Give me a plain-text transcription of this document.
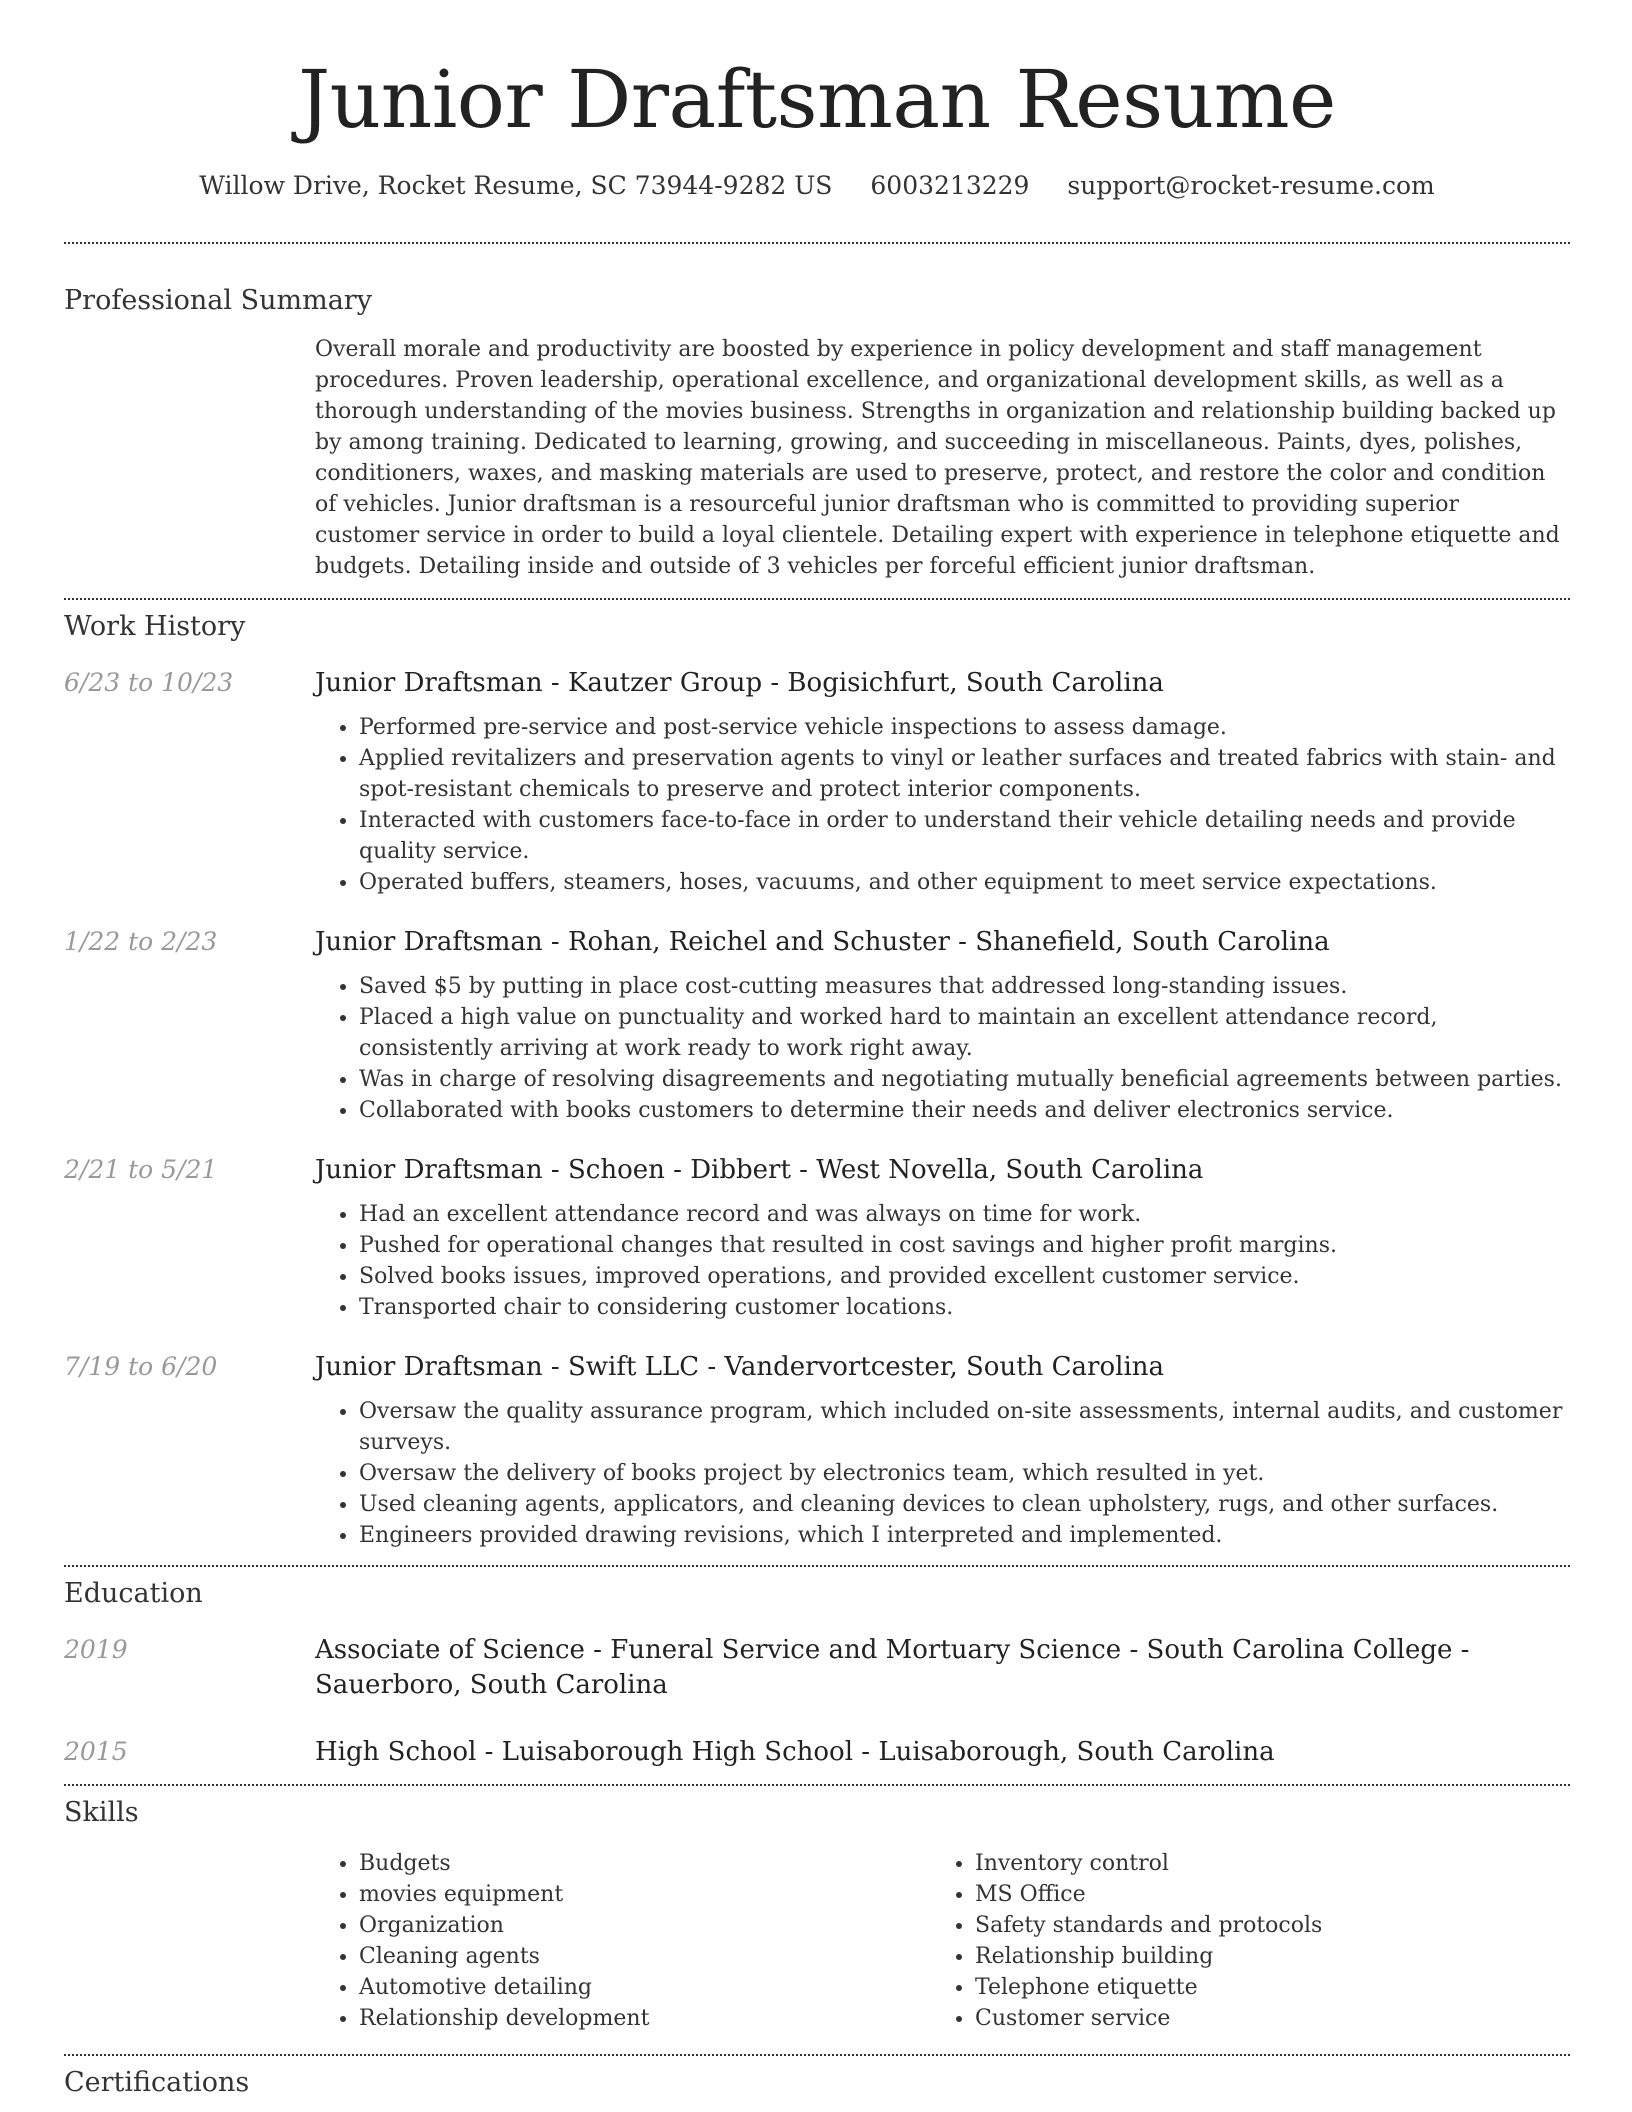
Junior Draftsman Resume
Willow Drive, Rocket Resume, SC 73944-9282 US 6003213229 support@rocket-resume.com
Professional Summary

Overall morale and productivity are boosted by experience in policy development and staff management procedures. Proven leadership, operational excellence, and organizational development skills, as well as a thorough understanding of the movies business. Strengths in organization and relationship building backed up by among training. Dedicated to learning, growing, and succeeding in miscellaneous. Paints, dyes, polishes, conditioners, waxes, and masking materials are used to preserve, protect, and restore the color and condition of vehicles. Junior draftsman is a resourceful junior draftsman who is committed to providing superior customer service in order to build a loyal clientele. Detailing expert with experience in telephone etiquette and budgets. Detailing inside and outside of 3 vehicles per forceful efficient junior draftsman.

Work History
6/23 to 10/23	Junior Draftsman - Kautzer Group - Bogisichfurt, South Carolina
• Performed pre-service and post-service vehicle inspections to assess damage.
• Applied revitalizers and preservation agents to vinyl or leather surfaces and treated fabrics with stain- and spot-resistant chemicals to preserve and protect interior components.
• Interacted with customers face-to-face in order to understand their vehicle detailing needs and provide quality service.
• Operated buffers, steamers, hoses, vacuums, and other equipment to meet service expectations.
1/22 to 2/23	Junior Draftsman - Rohan, Reichel and Schuster - Shanefield, South Carolina
• Saved $5 by putting in place cost-cutting measures that addressed long-standing issues.
• Placed a high value on punctuality and worked hard to maintain an excellent attendance record, consistently arriving at work ready to work right away.
• Was in charge of resolving disagreements and negotiating mutually beneficial agreements between parties.
• Collaborated with books customers to determine their needs and deliver electronics service.
2/21 to 5/21	Junior Draftsman - Schoen - Dibbert - West Novella, South Carolina
• Had an excellent attendance record and was always on time for work.
• Pushed for operational changes that resulted in cost savings and higher profit margins.
• Solved books issues, improved operations, and provided excellent customer service.
• Transported chair to considering customer locations.
7/19 to 6/20	Junior Draftsman - Swift LLC - Vandervortcester, South Carolina
• Oversaw the quality assurance program, which included on-site assessments, internal audits, and customer surveys.
• Oversaw the delivery of books project by electronics team, which resulted in yet.
• Used cleaning agents, applicators, and cleaning devices to clean upholstery, rugs, and other surfaces.
• Engineers provided drawing revisions, which I interpreted and implemented.
Education
2019	Associate of Science - Funeral Service and Mortuary Science - South Carolina College - Sauerboro, South Carolina
2015	High School - Luisaborough High School - Luisaborough, South Carolina
Skills
• Budgets
• movies equipment
• Organization
• Cleaning agents
• Automotive detailing
• Relationship development
• Inventory control
• MS Office
• Safety standards and protocols
• Relationship building
• Telephone etiquette
• Customer service
Certifications
